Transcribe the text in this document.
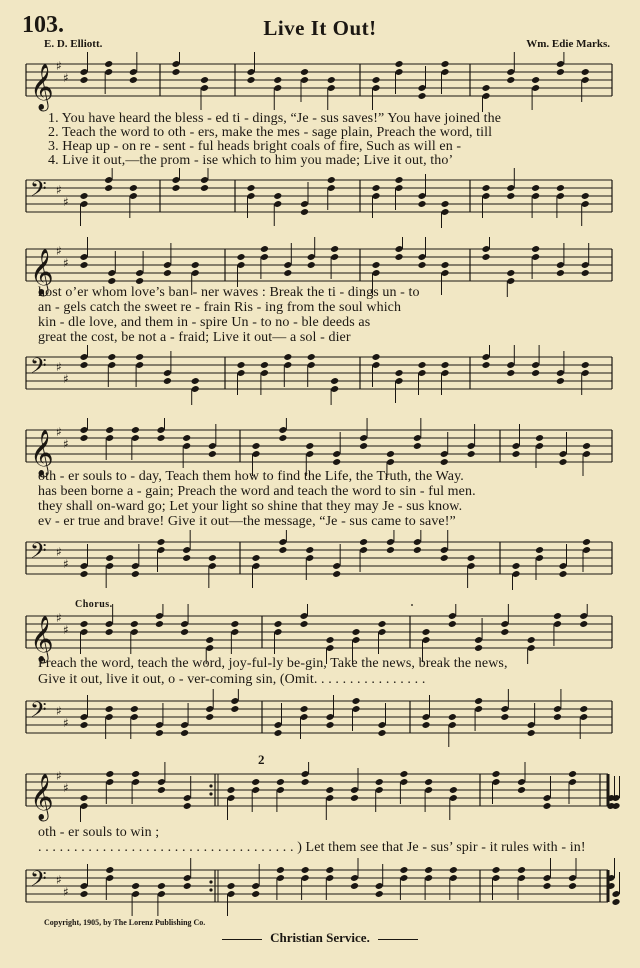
103.	Live It Out!
E. D. Elliott.	Wm. Edie Marks.
𝄞 ♯
♯
1. You have heard the bless - ed ti - dings, “Je - sus saves!” You have joined the
2. Teach the word to oth - ers, make the mes - sage plain, Preach the word, till
3. Heap up - on re - sent - ful heads bright coals of fire, Such as will en -
4. Live it out,—the prom - ise which to him you made; Live it out, tho’
𝄢 ♯
♯
𝄞 ♯
♯
host o’er whom love’s ban - ner waves : Break the ti - dings un - to
an - gels catch the sweet re - frain Ris - ing from the soul which
kin - dle love, and them in - spire Un - to no - ble deeds as
great the cost, be not a - fraid; Live it out— a sol - dier
𝄢 ♯
♯
𝄞 ♯
♯
oth - er souls to - day, Teach them how to find the Life, the Truth, the Way.
has been borne a - gain; Preach the word and teach the word to sin - ful men.
they shall on-ward go; Let your light so shine that they may Je - sus know.
ev - er true and brave! Give it out—the message, “Je - sus came to save!”
𝄢 ♯
♯
Chorus.
𝄞 ♯
♯
Preach the word, teach the word, joy-ful-ly be-gin, Take the news, break the news,
Give it out, live it out, o - ver-coming sin, (Omit. . . . . . . . . . . . . . . .
𝄢 ♯
♯
2
𝄞 ♯
♯
oth - er souls to win ;
. . . . . . . . . . . . . . . . . . . . . . . . . . . . . . . . . . . . ) Let them see that Je - sus’ spir - it rules with - in!
𝄢 ♯
♯
Copyright, 1905, by The Lorenz Publishing Co.
Christian Service.
